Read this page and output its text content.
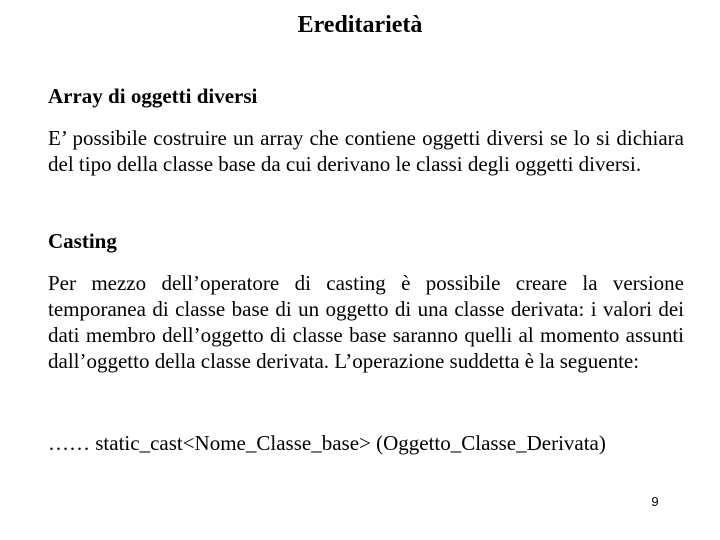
Ereditarietà
Array di oggetti diversi
E’ possibile costruire un array che contiene oggetti diversi se lo si dichiara del tipo della classe base da cui derivano le classi degli oggetti diversi.
Casting
Per mezzo dell’operatore di casting è possibile creare la versione temporanea di classe base di un oggetto di una classe derivata: i valori dei dati membro dell’oggetto di classe base saranno quelli al momento assunti dall’oggetto della classe derivata. L’operazione suddetta è la seguente:
…… static_cast<Nome_Classe_base> (Oggetto_Classe_Derivata)
9
